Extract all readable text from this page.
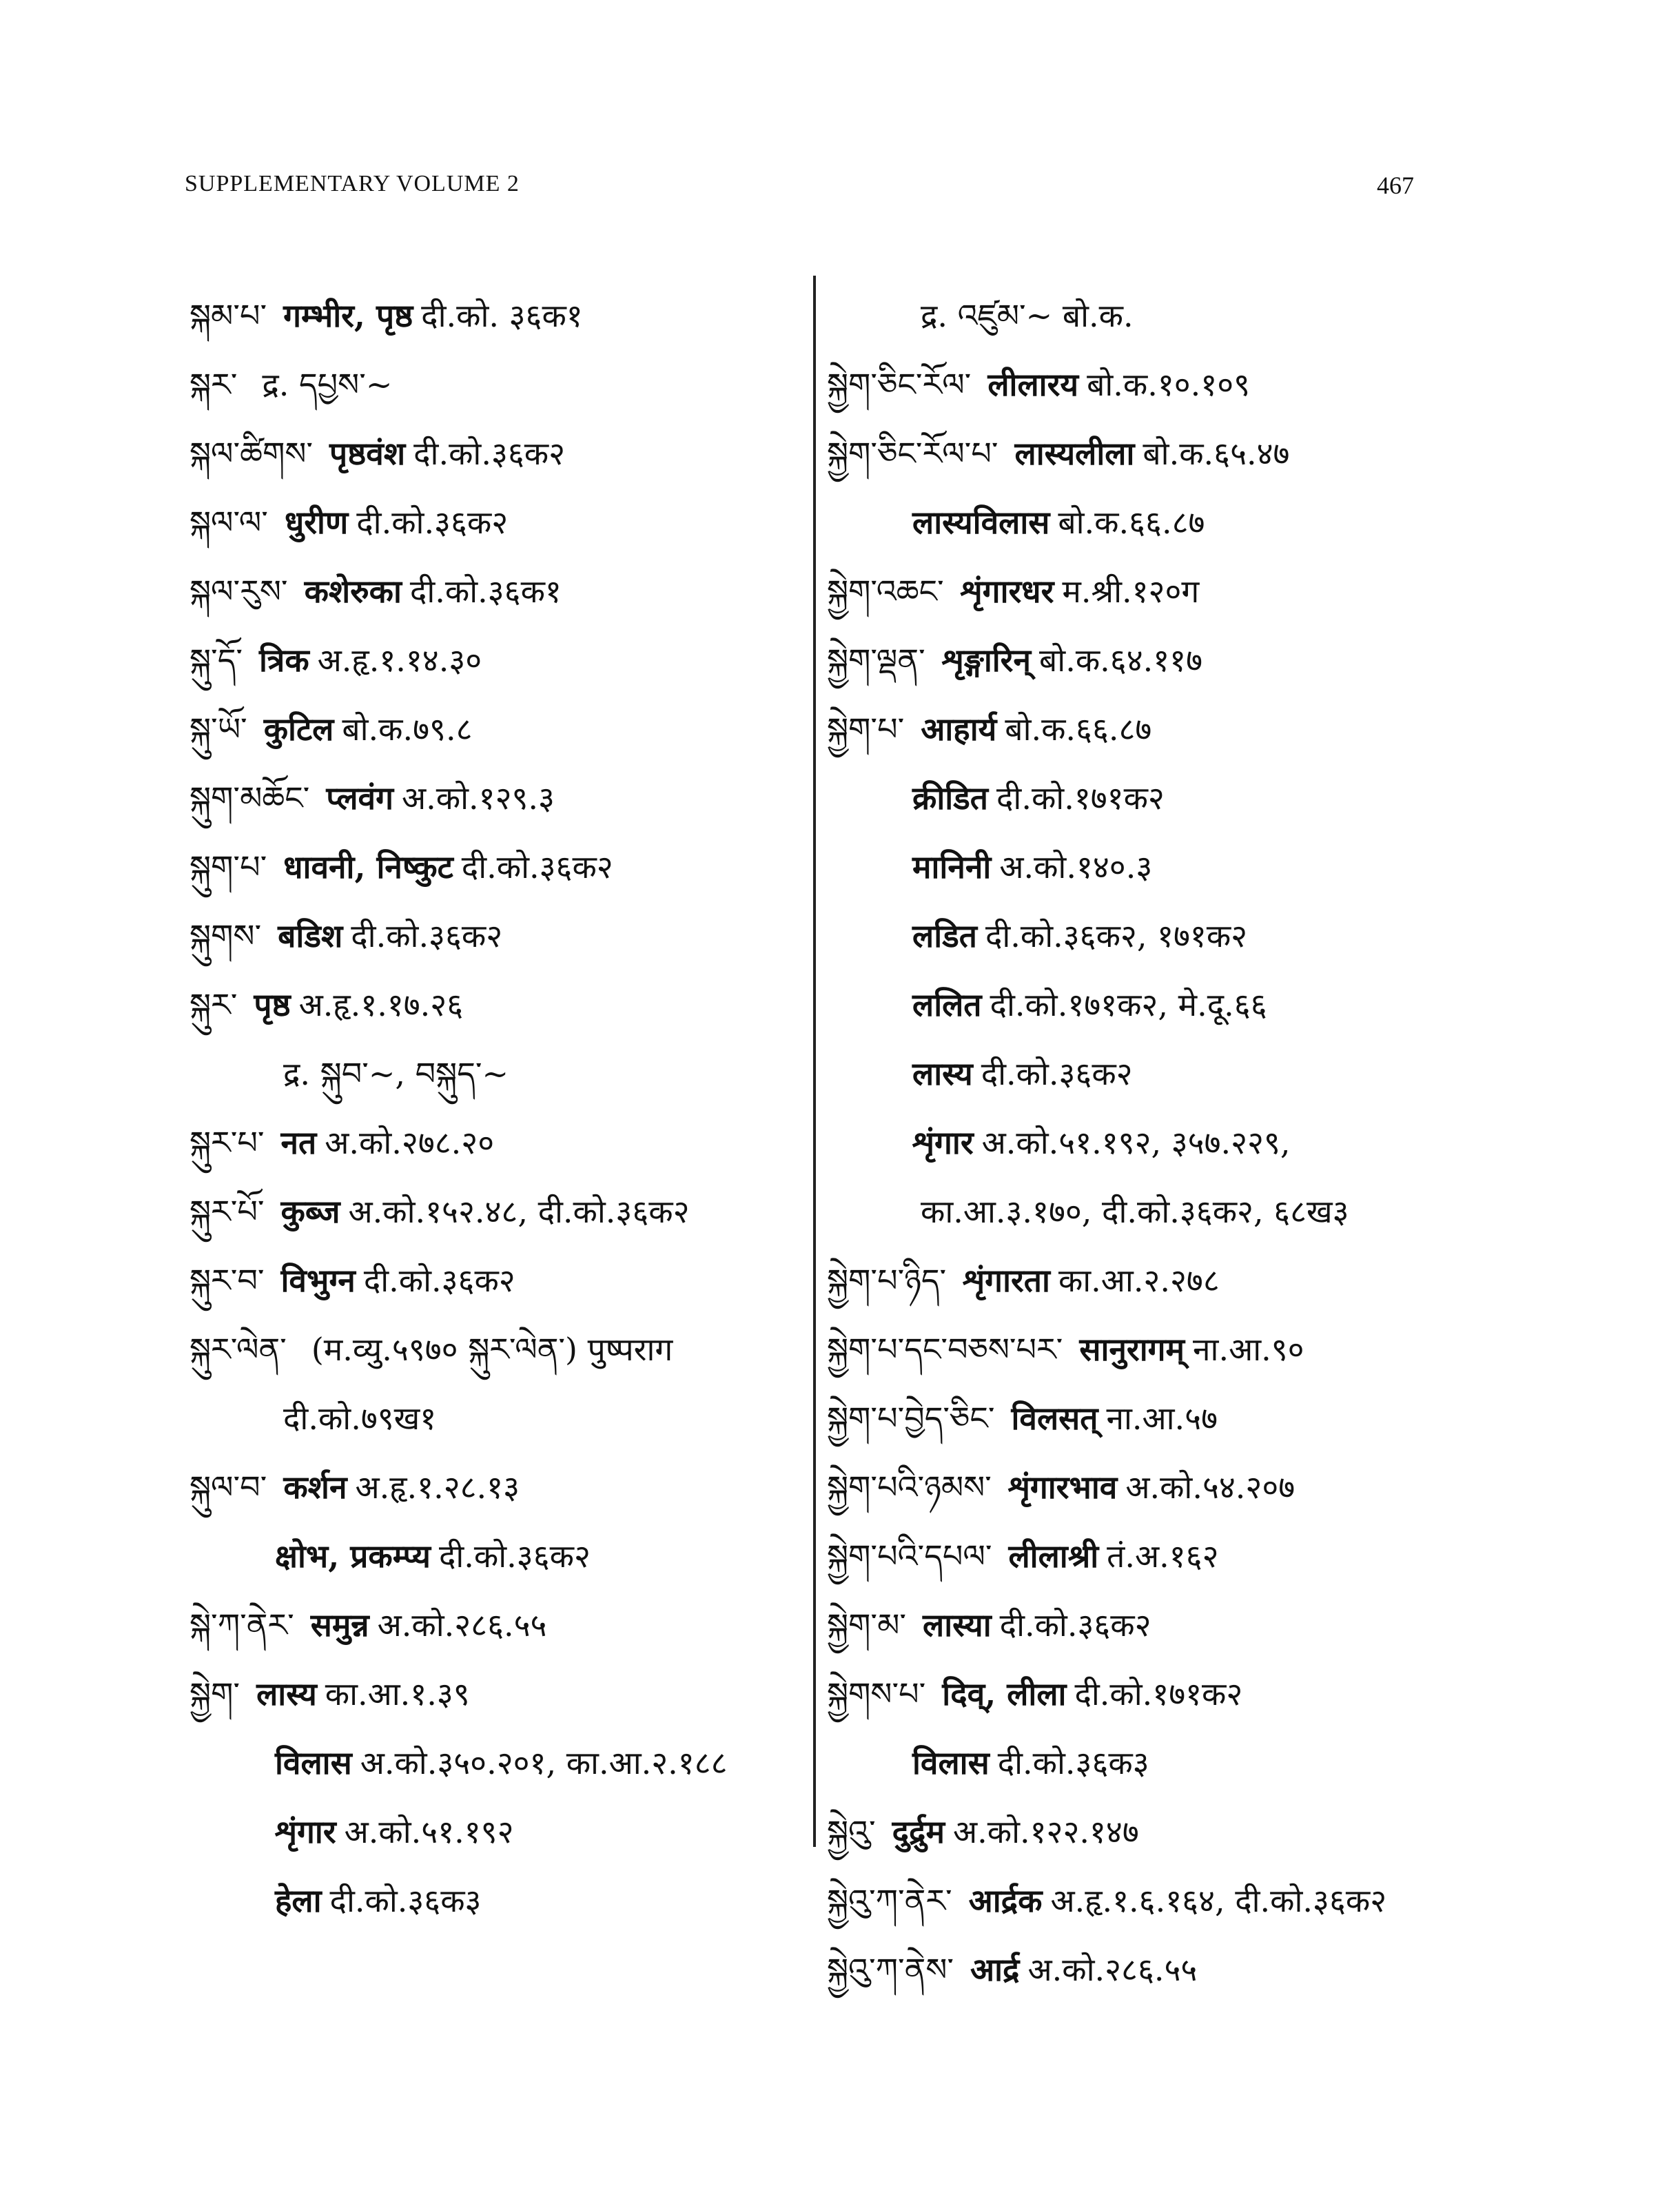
SUPPLEMENTARY VOLUME 2	467
སྐམ་པ་ गम्भीर, पृष्ठ दी.को. ३६क१
སྐར་ द्र. དཔྱས་~
སྐལ་ཚིགས་ पृष्ठवंश दी.को.३६क२
སྐལ་ལ་ धुरीण दी.को.३६क२
སྐལ་རུས་ कशेरुका दी.को.३६क१
སྐུ་དོ་ त्रिक अ.हृ.१.१४.३०
སྐུ་ཡོ་ कुटिल बो.क.७९.८
སྐུག་མཆོང་ प्लवंग अ.को.१२९.३
སྐུག་པ་ धावनी, निष्कुट दी.को.३६क२
སྐུགས་ बडिश दी.को.३६क२
སྐུར་ पृष्ठ अ.हृ.१.१७.२६
द्र. སྐུབ་~, བསྐུད་~
སྐུར་པ་ नत अ.को.२७८.२०
སྐུར་པོ་ कुब्ज अ.को.१५२.४८, दी.को.३६क२
སྐུར་བ་ विभुग्न दी.को.३६क२
སྐུར་ལེན་ (म.व्यु.५९७० སྐུར་ལེན་) पुष्पराग
दी.को.७९ख१
སྐུལ་བ་ कर्शन अ.हृ.१.२८.१३
क्षोभ, प्रकम्प्य दी.को.३६क२
སྐེ་ཀ་ནེར་ समुन्न अ.को.२८६.५५
སྐྱེག་ लास्य का.आ.१.३९
विलास अ.को.३५०.२०१, का.आ.२.१८८
शृंगार अ.को.५१.१९२
हेला दी.को.३६क३
द्र. འཛུམ་~ बो.क.
སྐྱེག་ཅིང་རོལ་ लीलारय बो.क.१०.१०९
སྐྱེག་ཅིང་རོལ་པ་ लास्यलीला बो.क.६५.४७
लास्यविलास बो.क.६६.८७
སྐྱེག་འཆང་ शृंगारधर म.श्री.१२०ग
སྐྱེག་ལྡན་ शृङ्गारिन् बो.क.६४.११७
སྐྱེག་པ་ आहार्य बो.क.६६.८७
क्रीडित दी.को.१७१क२
मानिनी अ.को.१४०.३
लडित दी.को.३६क२, १७१क२
ललित दी.को.१७१क२, मे.दू.६६
लास्य दी.को.३६क२
शृंगार अ.को.५१.१९२, ३५७.२२९,
का.आ.३.१७०, दी.को.३६क२, ६८ख३
སྐྱེག་པ་ཉིད་ शृंगारता का.आ.२.२७८
སྐྱེག་པ་དང་བཅས་པར་ सानुरागम् ना.आ.९०
སྐྱེག་པ་བྱེད་ཅིང་ विलसत् ना.आ.५७
སྐྱེག་པའི་ཉམས་ शृंगारभाव अ.को.५४.२०७
སྐྱེག་པའི་དཔལ་ लीलाश्री तं.अ.१६२
སྐྱེག་མ་ लास्या दी.को.३६क२
སྐྱེགས་པ་ दिव्, लीला दी.को.१७१क२
विलास दी.को.३६क३
སྐྱེའུ་ दुर्द्रुम अ.को.१२२.१४७
སྐྱེའུ་ཀ་ནེར་ आर्द्रक अ.हृ.१.६.१६४, दी.को.३६क२
སྐྱེའུ་ཀ་ནེས་ आर्द्र अ.को.२८६.५५
